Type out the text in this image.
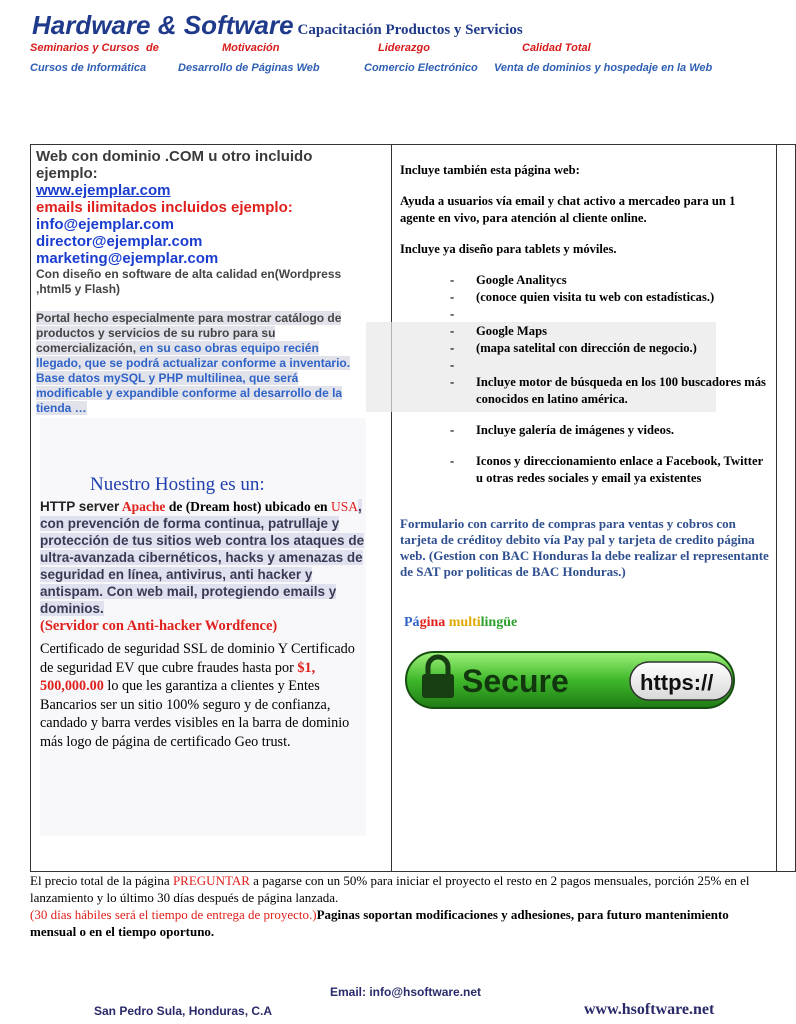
Hardware & Software Capacitación Productos y Servicios
Seminarios y Cursos de	Motivación	Liderazgo	Calidad Total
Cursos de Informática	Desarrollo de Páginas Web	Comercio Electrónico Venta de dominios y hospedaje en la Web
Web con dominio .COM u otro incluido ejemplo:
www.ejemplar.com
emails ilimitados incluidos ejemplo:
info@ejemplar.com
director@ejemplar.com
marketing@ejemplar.com
Con diseño en software de alta calidad en(Wordpress ,html5 y Flash)
Portal hecho especialmente para mostrar catálogo de productos y servicios de su rubro para su comercialización, en su caso obras equipo recién llegado, que se podrá actualizar conforme a inventario. Base datos mySQL y PHP multilinea, que será modificable y expandible conforme al desarrollo de la tienda …
Nuestro Hosting es un:
HTTP server Apache de (Dream host) ubicado en USA, con prevención de forma continua, patrullaje y protección de tus sitios web contra los ataques de ultra-avanzada cibernéticos, hacks y amenazas de seguridad en línea, antivirus, anti hacker y antispam. Con web mail, protegiendo emails y dominios.
(Servidor con Anti-hacker Wordfence)
Certificado de seguridad SSL de dominio Y Certificado de seguridad EV que cubre fraudes hasta por $1, 500,000.00 lo que les garantiza a clientes y Entes Bancarios ser un sitio 100% seguro y de confianza, candado y barra verdes visibles en la barra de dominio más logo de página de certificado Geo trust.

Incluye también esta página web:

Ayuda a usuarios vía email y chat activo a mercadeo para un 1 agente en vivo, para atención al cliente online.

Incluye ya diseño para tablets y móviles.

- Google Analitycs
- (conoce quien visita tu web con estadísticas.)
-
- Google Maps
- (mapa satelital con dirección de negocio.)
-
- Incluye motor de búsqueda en los 100 buscadores más conocidos en latino américa.
- Incluye galería de imágenes y videos.
- Iconos y direccionamiento enlace a Facebook, Twitter u otras redes sociales y email ya existentes
Formulario con carrito de compras para ventas y cobros con tarjeta de créditoy debito vía Pay pal y tarjeta de credito página web. (Gestion con BAC Honduras la debe realizar el representante de SAT por politicas de BAC Honduras.)
Página multilingüe
Secure	https://
El precio total de la página PREGUNTAR a pagarse con un 50% para iniciar el proyecto el resto en 2 pagos mensuales, porción 25% en el lanzamiento y lo último 30 días después de página lanzada.
(30 días hábiles será el tiempo de entrega de proyecto.)Paginas soportan modificaciones y adhesiones, para futuro mantenimiento mensual o en el tiempo oportuno.
Email: info@hsoftware.net
San Pedro Sula, Honduras, C.A	www.hsoftware.net
